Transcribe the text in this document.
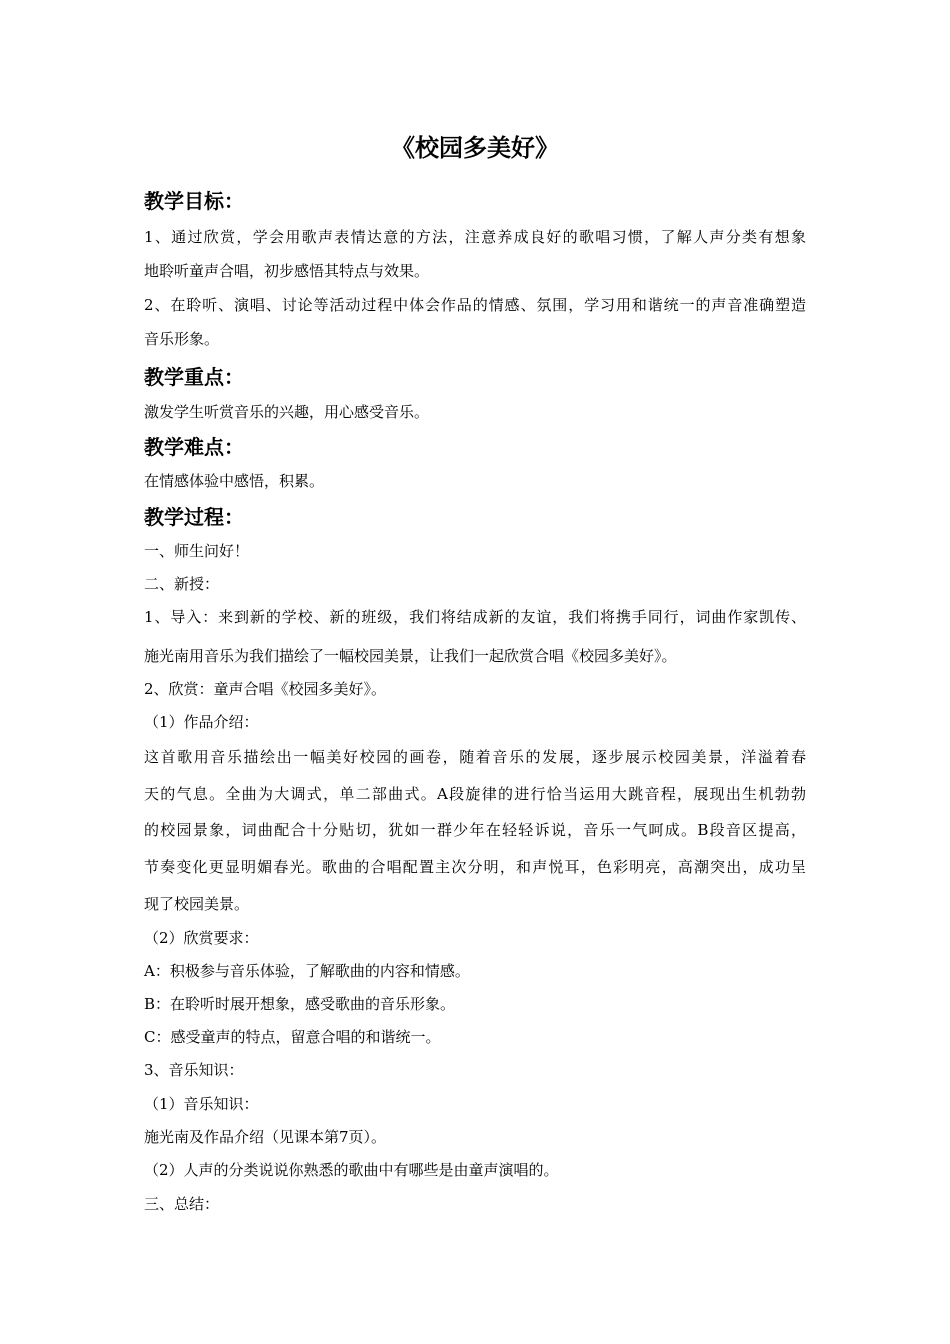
《校园多美好》
教学目标：
1、通过欣赏，学会用歌声表情达意的方法，注意养成良好的歌唱习惯，了解人声分类有想象
地聆听童声合唱，初步感悟其特点与效果。
2、在聆听、演唱、讨论等活动过程中体会作品的情感、氛围，学习用和谐统一的声音准确塑造
音乐形象。
教学重点：
激发学生听赏音乐的兴趣，用心感受音乐。
教学难点：
在情感体验中感悟，积累。
教学过程：
一、师生问好！
二、新授：
1、导入：来到新的学校、新的班级，我们将结成新的友谊，我们将携手同行，词曲作家凯传、
施光南用音乐为我们描绘了一幅校园美景，让我们一起欣赏合唱《校园多美好》。
2、欣赏：童声合唱《校园多美好》。
（1）作品介绍：
这首歌用音乐描绘出一幅美好校园的画卷，随着音乐的发展，逐步展示校园美景，洋溢着春
天的气息。全曲为大调式，单二部曲式。A段旋律的进行恰当运用大跳音程，展现出生机勃勃
的校园景象，词曲配合十分贴切，犹如一群少年在轻轻诉说，音乐一气呵成。B段音区提高，
节奏变化更显明媚春光。歌曲的合唱配置主次分明，和声悦耳，色彩明亮，高潮突出，成功呈
现了校园美景。
（2）欣赏要求：
A：积极参与音乐体验，了解歌曲的内容和情感。
B：在聆听时展开想象，感受歌曲的音乐形象。
C：感受童声的特点，留意合唱的和谐统一。
3、音乐知识：
（1）音乐知识：
施光南及作品介绍（见课本第7页）。
（2）人声的分类说说你熟悉的歌曲中有哪些是由童声演唱的。
三、总结：
